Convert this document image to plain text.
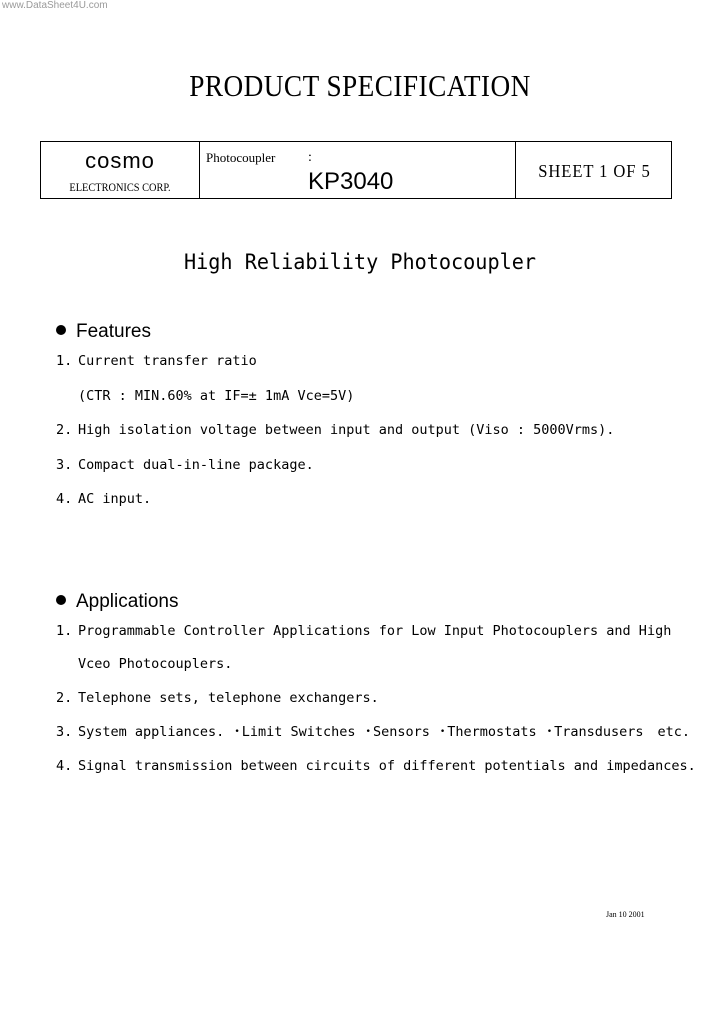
www.DataSheet4U.com
PRODUCT SPECIFICATION
cosmo
ELECTRONICS CORP.
Photocoupler :
KP3040	SHEET 1 OF 5
High Reliability Photocoupler
Features
1. Current transfer ratio
(CTR : MIN.60% at IF=± 1mA Vce=5V)
2. High isolation voltage between input and output (Viso : 5000Vrms).
3. Compact dual-in-line package.
4. AC input.
Applications
1. Programmable Controller Applications for Low Input Photocouplers and High
Vceo Photocouplers.
2. Telephone sets, telephone exchangers.
3. System appliances. • Limit Switches • Sensors • Thermostats • Transdusers etc.
4. Signal transmission between circuits of different potentials and impedances.
Jan 10 2001
